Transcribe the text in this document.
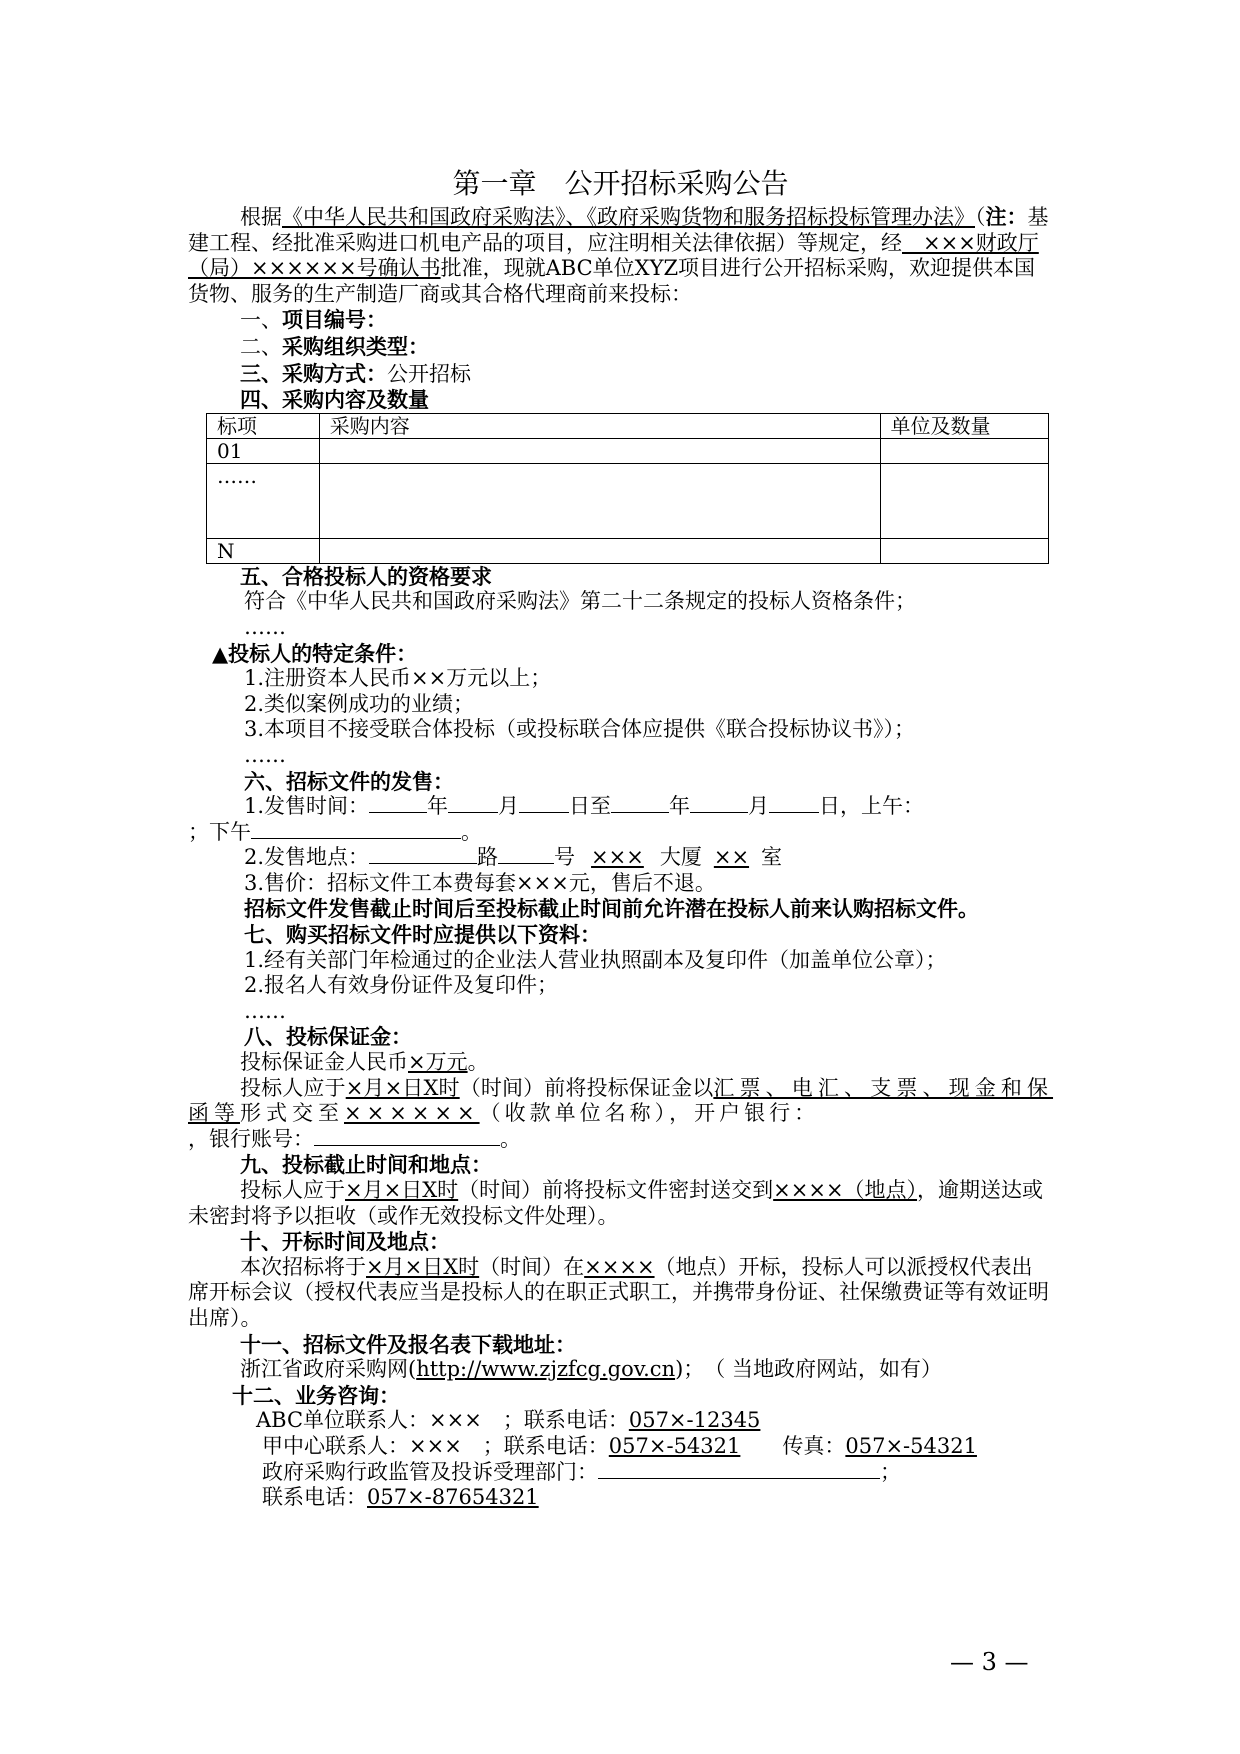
第一章　公开招标采购公告

根据《中华人民共和国政府采购法》、《政府采购货物和服务招标投标管理办法》（注：基建工程、经批准采购进口机电产品的项目，应注明相关法律依据）等规定，经　×××财政厅（局）××××××号确认书批准，现就ABC单位XYZ项目进行公开招标采购，欢迎提供本国货物、服务的生产制造厂商或其合格代理商前来投标：

一、项目编号：

二、采购组织类型：

三、采购方式：公开招标

四、采购内容及数量

标项	采购内容	单位及数量
01		
……		
N		

五、合格投标人的资格要求

符合《中华人民共和国政府采购法》第二十二条规定的投标人资格条件；

……

▲投标人的特定条件：

1.注册资本人民币××万元以上；

2.类似案例成功的业绩；

3.本项目不接受联合体投标（或投标联合体应提供《联合投标协议书》）；

……

六、招标文件的发售：

1.发售时间：	年 月 日至	年	月 日，上午：

；下午	。

2.发售地点：	路	号 ××× 大厦 ×× 室

3.售价：招标文件工本费每套×××元，售后不退。

招标文件发售截止时间后至投标截止时间前允许潜在投标人前来认购招标文件。

七、购买招标文件时应提供以下资料：

1.经有关部门年检通过的企业法人营业执照副本及复印件（加盖单位公章）；

2.报名人有效身份证件及复印件；

……

八、投标保证金：

投标保证金人民币×万元。

投标人应于×月×日X时（时间）前将投标保证金以汇票、电汇、支票、现金和保函等形式交至××××××（收款单位名称），开户银行：

，银行账号：	。

九、投标截止时间和地点：

投标人应于×月×日X时（时间）前将投标文件密封送交到××××（地点），逾期送达或未密封将予以拒收（或作无效投标文件处理）。

十、开标时间及地点：

本次招标将于×月×日X时（时间）在××××（地点）开标，投标人可以派授权代表出席开标会议（授权代表应当是投标人的在职正式职工，并携带身份证、社保缴费证等有效证明出席）。

十一、招标文件及报名表下载地址：

浙江省政府采购网(http://www.zjzfcg.gov.cn)；　（ 当地政府网站，如有）

十二、业务咨询：

ABC单位联系人：×××　；联系电话：057×-12345

甲中心联系人：×××　；联系电话：057×-54321　　传真：057×-54321

政府采购行政监管及投诉受理部门：	；

联系电话：057×-87654321

— 3 —
